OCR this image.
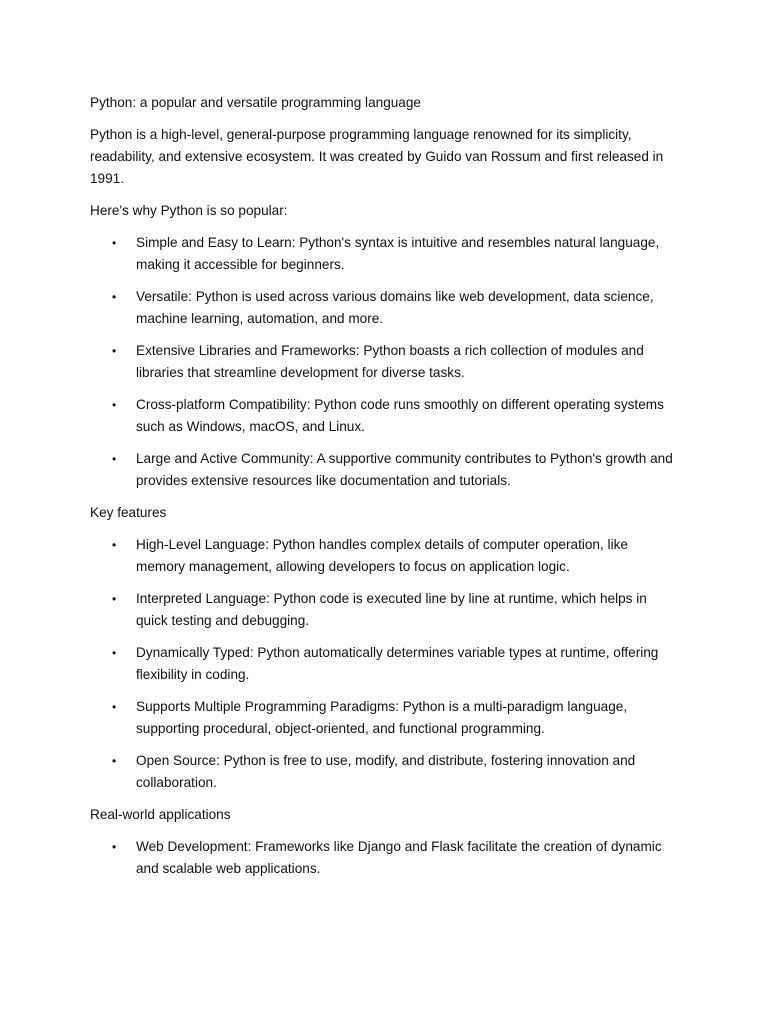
Python: a popular and versatile programming language

Python is a high-level, general-purpose programming language renowned for its simplicity, readability, and extensive ecosystem. It was created by Guido van Rossum and first released in 1991.

Here's why Python is so popular:

• Simple and Easy to Learn: Python's syntax is intuitive and resembles natural language, making it accessible for beginners.
• Versatile: Python is used across various domains like web development, data science, machine learning, automation, and more.
• Extensive Libraries and Frameworks: Python boasts a rich collection of modules and libraries that streamline development for diverse tasks.
• Cross-platform Compatibility: Python code runs smoothly on different operating systems such as Windows, macOS, and Linux.
• Large and Active Community: A supportive community contributes to Python's growth and provides extensive resources like documentation and tutorials.

Key features

• High-Level Language: Python handles complex details of computer operation, like memory management, allowing developers to focus on application logic.
• Interpreted Language: Python code is executed line by line at runtime, which helps in quick testing and debugging.
• Dynamically Typed: Python automatically determines variable types at runtime, offering flexibility in coding.
• Supports Multiple Programming Paradigms: Python is a multi-paradigm language, supporting procedural, object-oriented, and functional programming.
• Open Source: Python is free to use, modify, and distribute, fostering innovation and collaboration.

Real-world applications

• Web Development: Frameworks like Django and Flask facilitate the creation of dynamic and scalable web applications.
